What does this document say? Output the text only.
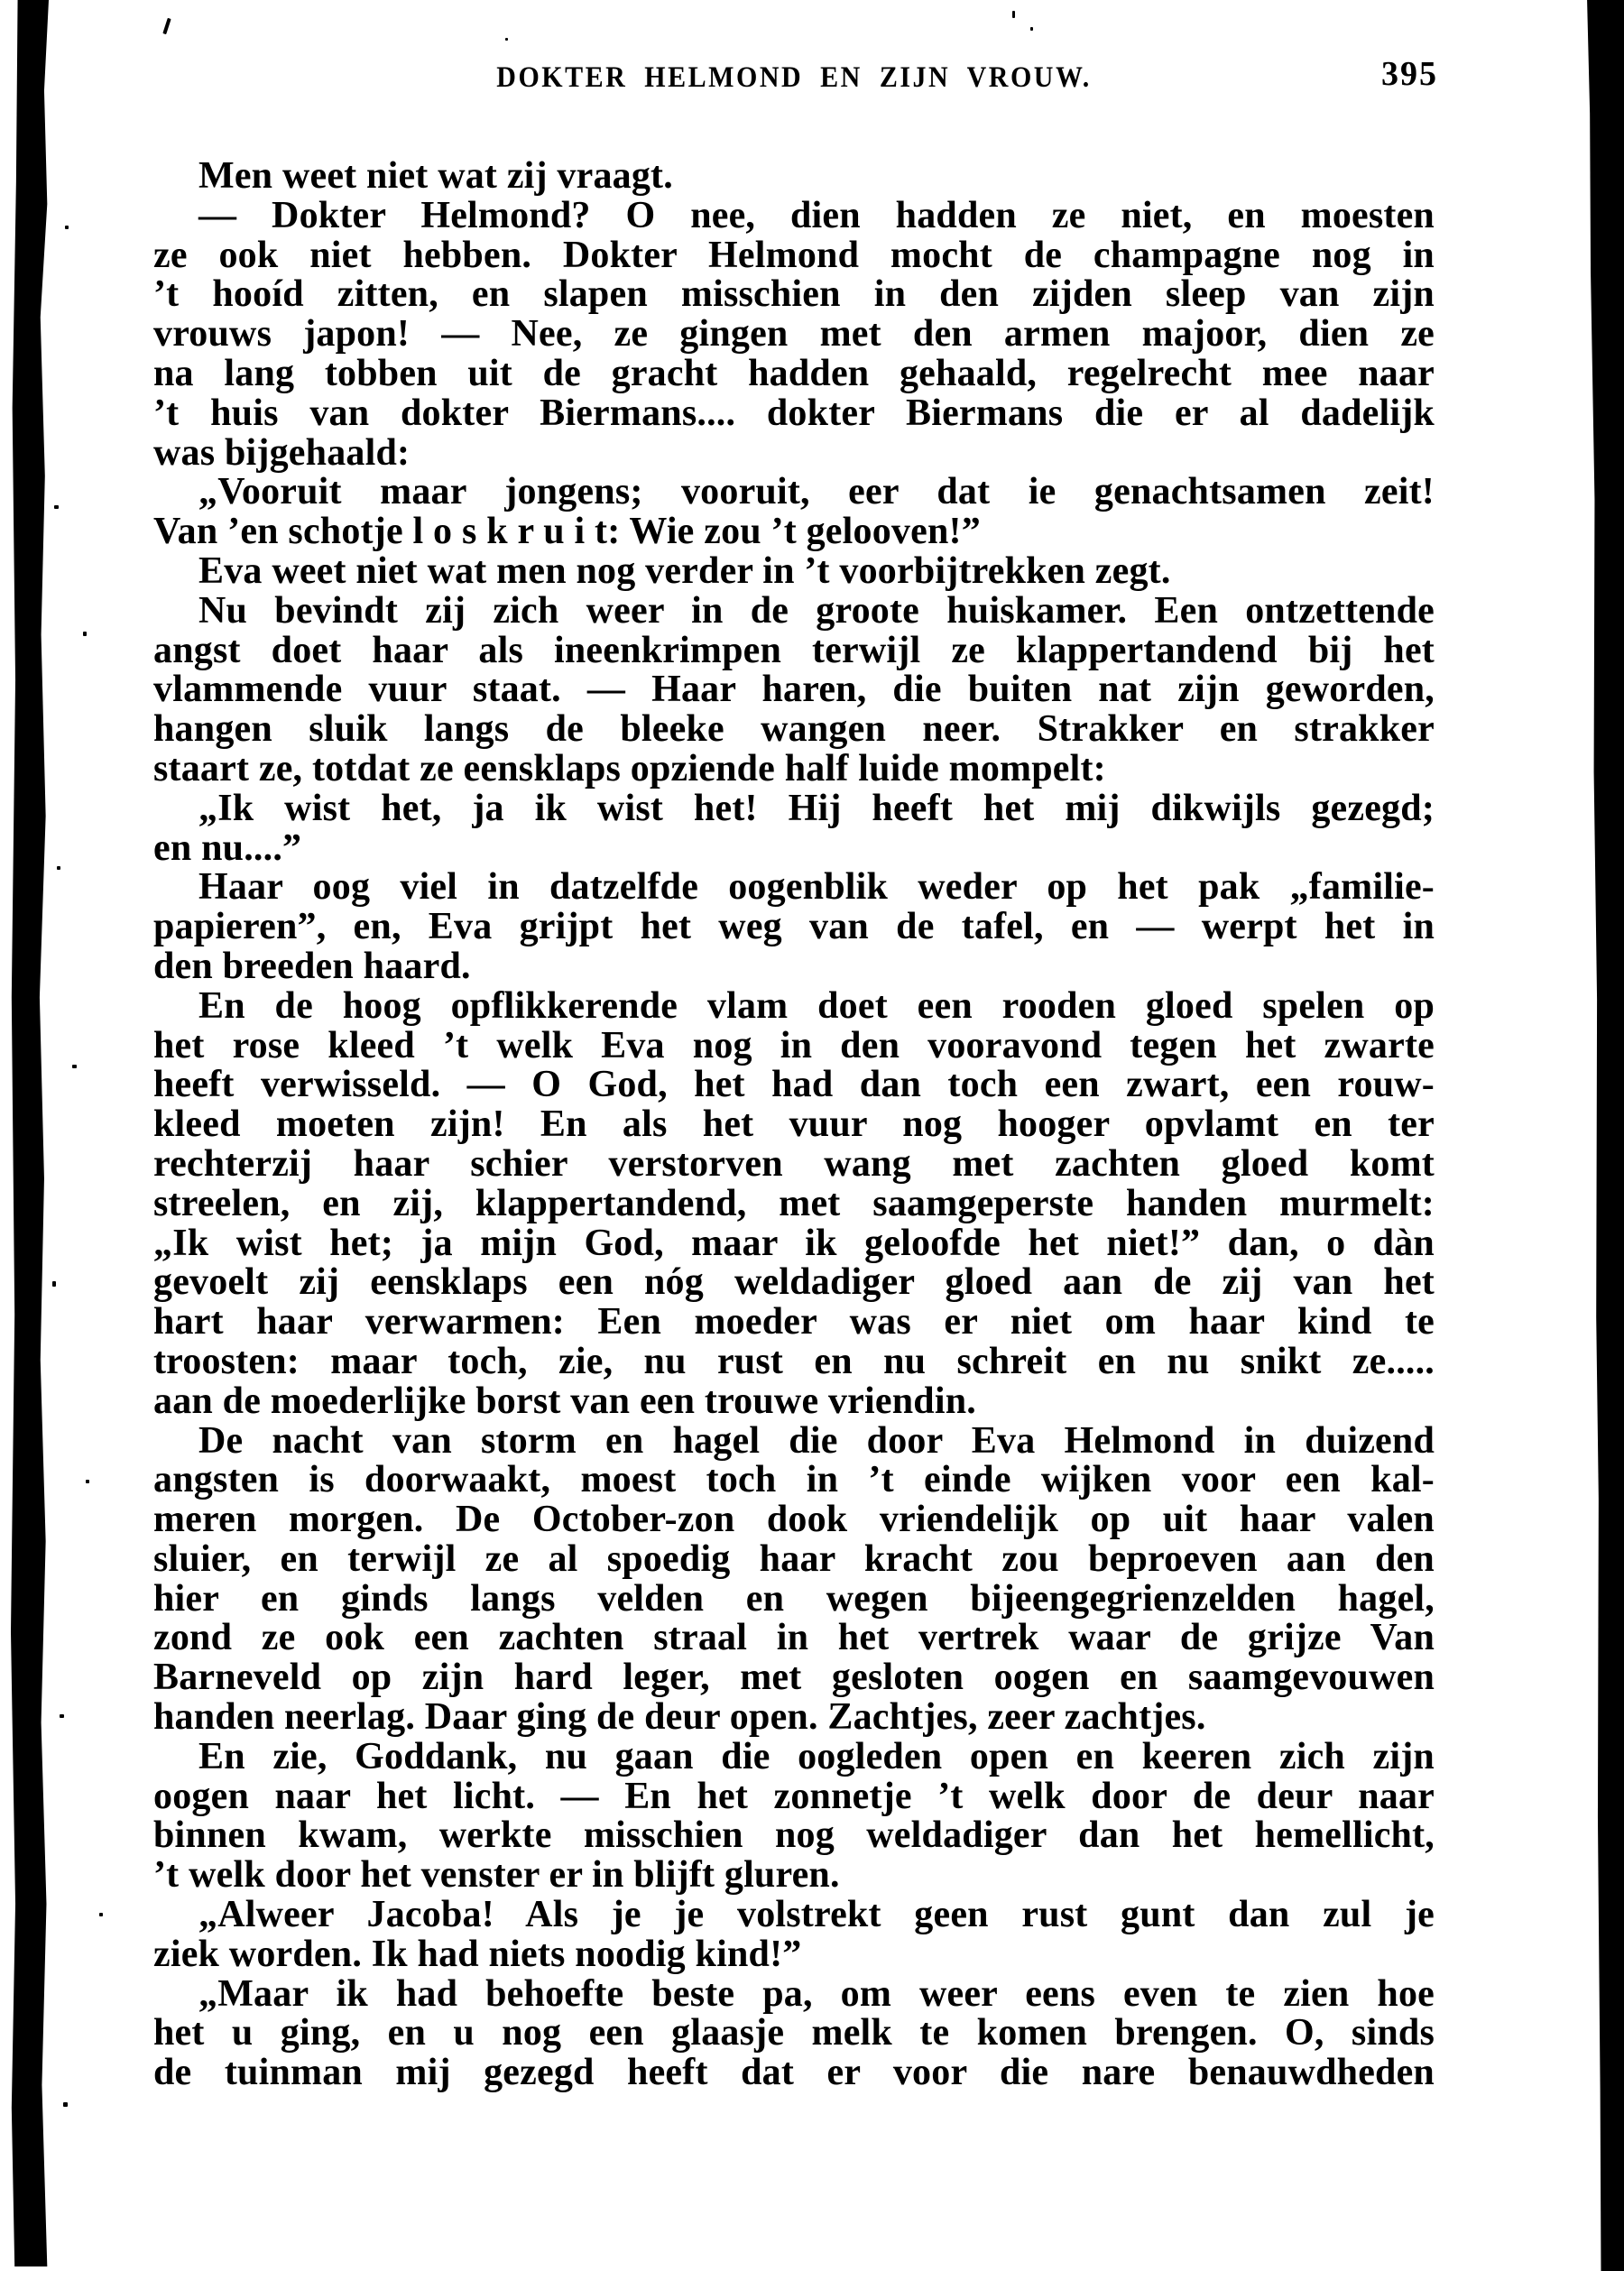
DOKTER HELMOND EN ZIJN VROUW.	395
Men weet niet wat zij vraagt.
— Dokter Helmond? O nee, dien hadden ze niet, en moesten
ze ook niet hebben. Dokter Helmond mocht de champagne nog in
’t hooíd zitten, en slapen misschien in den zijden sleep van zijn
vrouws japon! — Nee, ze gingen met den armen majoor, dien ze
na lang tobben uit de gracht hadden gehaald, regelrecht mee naar
’t huis van dokter Biermans.... dokter Biermans die er al dadelijk
was bijgehaald:
„Vooruit maar jongens; vooruit, eer dat ie genachtsamen zeit!
Van ’en schotje l o s k r u i t: Wie zou ’t gelooven!”
Eva weet niet wat men nog verder in ’t voorbijtrekken zegt.
Nu bevindt zij zich weer in de groote huiskamer. Een ontzettende
angst doet haar als ineenkrimpen terwijl ze klappertandend bij het
vlammende vuur staat. — Haar haren, die buiten nat zijn geworden,
hangen sluik langs de bleeke wangen neer. Strakker en strakker
staart ze, totdat ze eensklaps opziende half luide mompelt:
„Ik wist het, ja ik wist het! Hij heeft het mij dikwijls gezegd;
en nu....”
Haar oog viel in datzelfde oogenblik weder op het pak „familie-
papieren”, en, Eva grijpt het weg van de tafel, en — werpt het in
den breeden haard.
En de hoog opflikkerende vlam doet een rooden gloed spelen op
het rose kleed ’t welk Eva nog in den vooravond tegen het zwarte
heeft verwisseld. — O God, het had dan toch een zwart, een rouw-
kleed moeten zijn! En als het vuur nog hooger opvlamt en ter
rechterzij haar schier verstorven wang met zachten gloed komt
streelen, en zij, klappertandend, met saamgeperste handen murmelt:
„Ik wist het; ja mijn God, maar ik geloofde het niet!” dan, o dàn
gevoelt zij eensklaps een nóg weldadiger gloed aan de zij van het
hart haar verwarmen: Een moeder was er niet om haar kind te
troosten: maar toch, zie, nu rust en nu schreit en nu snikt ze.....
aan de moederlijke borst van een trouwe vriendin.
De nacht van storm en hagel die door Eva Helmond in duizend
angsten is doorwaakt, moest toch in ’t einde wijken voor een kal-
meren morgen. De October-zon dook vriendelijk op uit haar valen
sluier, en terwijl ze al spoedig haar kracht zou beproeven aan den
hier en ginds langs velden en wegen bijeengegrienzelden hagel,
zond ze ook een zachten straal in het vertrek waar de grijze Van
Barneveld op zijn hard leger, met gesloten oogen en saamgevouwen
handen neerlag. Daar ging de deur open. Zachtjes, zeer zachtjes.
En zie, Goddank, nu gaan die oogleden open en keeren zich zijn
oogen naar het licht. — En het zonnetje ’t welk door de deur naar
binnen kwam, werkte misschien nog weldadiger dan het hemellicht,
’t welk door het venster er in blijft gluren.
„Alweer Jacoba! Als je je volstrekt geen rust gunt dan zul je
ziek worden. Ik had niets noodig kind!”
„Maar ik had behoefte beste pa, om weer eens even te zien hoe
het u ging, en u nog een glaasje melk te komen brengen. O, sinds
de tuinman mij gezegd heeft dat er voor die nare benauwdheden
